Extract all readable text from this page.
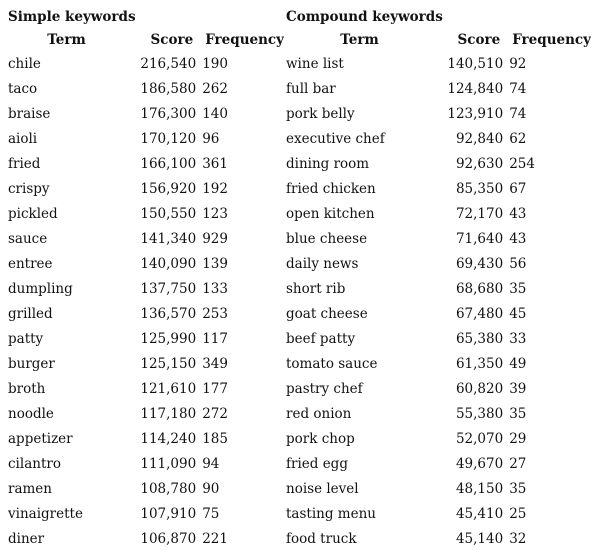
Simple keywords
Term	Score	Frequency
chile	216,540	190
taco	186,580	262
braise	176,300	140
aioli	170,120	96
fried	166,100	361
crispy	156,920	192
pickled	150,550	123
sauce	141,340	929
entree	140,090	139
dumpling	137,750	133
grilled	136,570	253
patty	125,990	117
burger	125,150	349
broth	121,610	177
noodle	117,180	272
appetizer	114,240	185
cilantro	111,090	94
ramen	108,780	90
vinaigrette	107,910	75
diner	106,870	221
Compound keywords
Term	Score	Frequency
wine list	140,510	92
full bar	124,840	74
pork belly	123,910	74
executive chef	92,840	62
dining room	92,630	254
fried chicken	85,350	67
open kitchen	72,170	43
blue cheese	71,640	43
daily news	69,430	56
short rib	68,680	35
goat cheese	67,480	45
beef patty	65,380	33
tomato sauce	61,350	49
pastry chef	60,820	39
red onion	55,380	35
pork chop	52,070	29
fried egg	49,670	27
noise level	48,150	35
tasting menu	45,410	25
food truck	45,140	32
